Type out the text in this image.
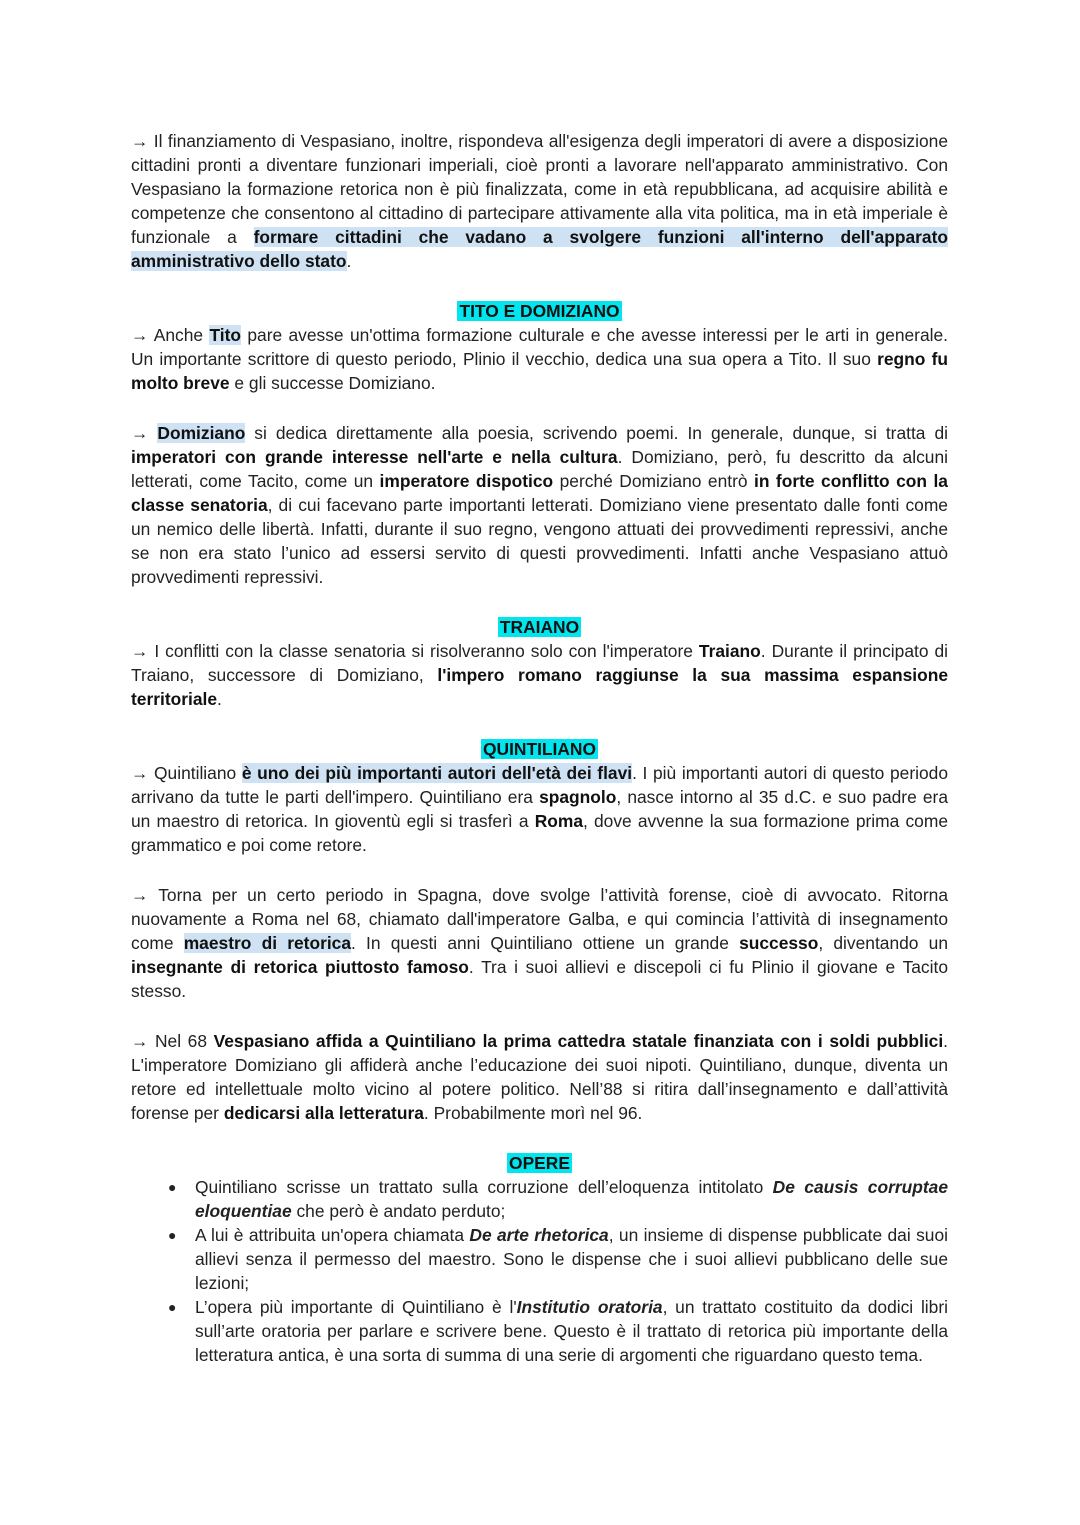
→ Il finanziamento di Vespasiano, inoltre, rispondeva all'esigenza degli imperatori di avere a disposizione cittadini pronti a diventare funzionari imperiali, cioè pronti a lavorare nell'apparato amministrativo. Con Vespasiano la formazione retorica non è più finalizzata, come in età repubblicana, ad acquisire abilità e competenze che consentono al cittadino di partecipare attivamente alla vita politica, ma in età imperiale è funzionale a formare cittadini che vadano a svolgere funzioni all'interno dell'apparato amministrativo dello stato.

TITO E DOMIZIANO

→ Anche Tito pare avesse un'ottima formazione culturale e che avesse interessi per le arti in generale. Un importante scrittore di questo periodo, Plinio il vecchio, dedica una sua opera a Tito. Il suo regno fu molto breve e gli successe Domiziano.

→ Domiziano si dedica direttamente alla poesia, scrivendo poemi. In generale, dunque, si tratta di imperatori con grande interesse nell'arte e nella cultura. Domiziano, però, fu descritto da alcuni letterati, come Tacito, come un imperatore dispotico perché Domiziano entrò in forte conflitto con la classe senatoria, di cui facevano parte importanti letterati. Domiziano viene presentato dalle fonti come un nemico delle libertà. Infatti, durante il suo regno, vengono attuati dei provvedimenti repressivi, anche se non era stato l’unico ad essersi servito di questi provvedimenti. Infatti anche Vespasiano attuò provvedimenti repressivi.

TRAIANO

→ I conflitti con la classe senatoria si risolveranno solo con l'imperatore Traiano. Durante il principato di Traiano, successore di Domiziano, l'impero romano raggiunse la sua massima espansione territoriale.

QUINTILIANO

→ Quintiliano è uno dei più importanti autori dell'età dei flavi. I più importanti autori di questo periodo arrivano da tutte le parti dell'impero. Quintiliano era spagnolo, nasce intorno al 35 d.C. e suo padre era un maestro di retorica. In gioventù egli si trasferì a Roma, dove avvenne la sua formazione prima come grammatico e poi come retore.

→ Torna per un certo periodo in Spagna, dove svolge l’attività forense, cioè di avvocato. Ritorna nuovamente a Roma nel 68, chiamato dall'imperatore Galba, e qui comincia l’attività di insegnamento come maestro di retorica. In questi anni Quintiliano ottiene un grande successo, diventando un insegnante di retorica piuttosto famoso. Tra i suoi allievi e discepoli ci fu Plinio il giovane e Tacito stesso.

→ Nel 68 Vespasiano affida a Quintiliano la prima cattedra statale finanziata con i soldi pubblici. L'imperatore Domiziano gli affiderà anche l’educazione dei suoi nipoti. Quintiliano, dunque, diventa un retore ed intellettuale molto vicino al potere politico. Nell’88 si ritira dall’insegnamento e dall’attività forense per dedicarsi alla letteratura. Probabilmente morì nel 96.

OPERE

● Quintiliano scrisse un trattato sulla corruzione dell’eloquenza intitolato De causis corruptae eloquentiae che però è andato perduto;
● A lui è attribuita un'opera chiamata De arte rhetorica, un insieme di dispense pubblicate dai suoi allievi senza il permesso del maestro. Sono le dispense che i suoi allievi pubblicano delle sue lezioni;
● L’opera più importante di Quintiliano è l'Institutio oratoria, un trattato costituito da dodici libri sull’arte oratoria per parlare e scrivere bene. Questo è il trattato di retorica più importante della letteratura antica, è una sorta di summa di una serie di argomenti che riguardano questo tema.
